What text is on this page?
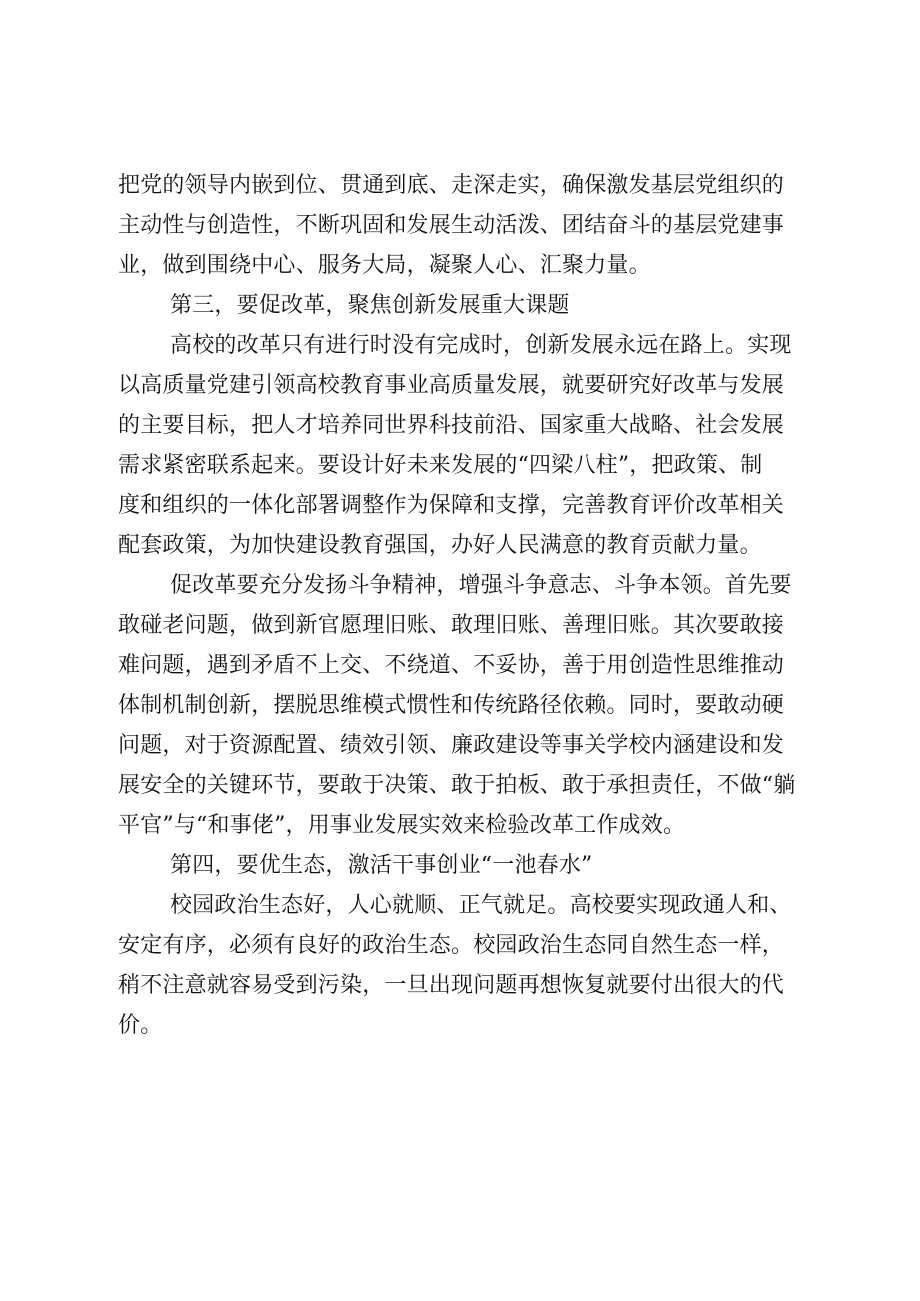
把党的领导内嵌到位、贯通到底、走深走实，确保激发基层党组织的
主动性与创造性，不断巩固和发展生动活泼、团结奋斗的基层党建事
业，做到围绕中心、服务大局，凝聚人心、汇聚力量。
第三，要促改革，聚焦创新发展重大课题
高校的改革只有进行时没有完成时，创新发展永远在路上。实现
以高质量党建引领高校教育事业高质量发展，就要研究好改革与发展
的主要目标，把人才培养同世界科技前沿、国家重大战略、社会发展
需求紧密联系起来。要设计好未来发展的“四梁八柱”，把政策、制
度和组织的一体化部署调整作为保障和支撑，完善教育评价改革相关
配套政策，为加快建设教育强国，办好人民满意的教育贡献力量。
促改革要充分发扬斗争精神，增强斗争意志、斗争本领。首先要
敢碰老问题，做到新官愿理旧账、敢理旧账、善理旧账。其次要敢接
难问题，遇到矛盾不上交、不绕道、不妥协，善于用创造性思维推动
体制机制创新，摆脱思维模式惯性和传统路径依赖。同时，要敢动硬
问题，对于资源配置、绩效引领、廉政建设等事关学校内涵建设和发
展安全的关键环节，要敢于决策、敢于拍板、敢于承担责任，不做“躺
平官”与“和事佬”，用事业发展实效来检验改革工作成效。
第四，要优生态，激活干事创业“一池春水”
校园政治生态好，人心就顺、正气就足。高校要实现政通人和、
安定有序，必须有良好的政治生态。校园政治生态同自然生态一样，
稍不注意就容易受到污染，一旦出现问题再想恢复就要付出很大的代
价。
